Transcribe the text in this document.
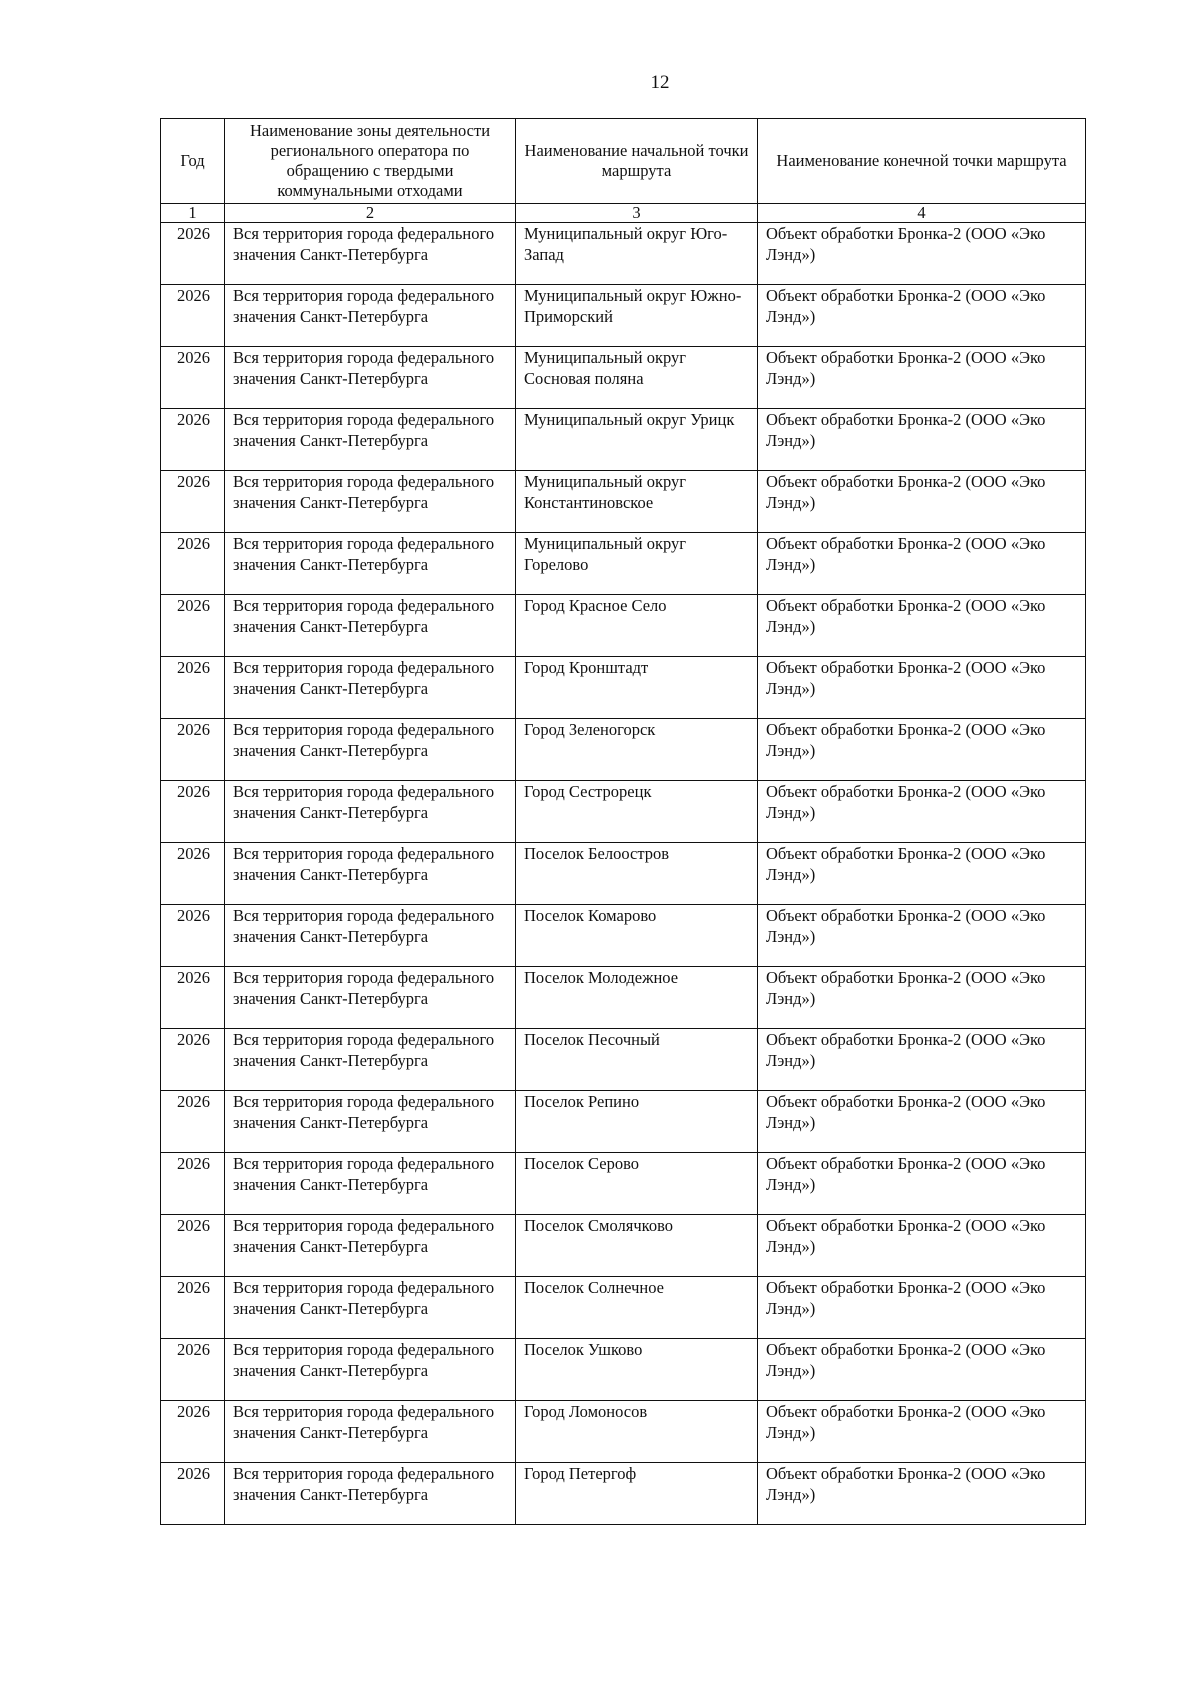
12
Год	Наименование зоны деятельности регионального оператора по обращению с твердыми коммунальными отходами	Наименование начальной точки маршрута	Наименование конечной точки маршрута
1	2	3	4
2026	Вся территория города федерального значения Санкт-Петербурга	Муниципальный округ Юго-Запад	Объект обработки Бронка-2 (ООО «Эко Лэнд»)
2026	Вся территория города федерального значения Санкт-Петербурга	Муниципальный округ Южно-Приморский	Объект обработки Бронка-2 (ООО «Эко Лэнд»)
2026	Вся территория города федерального значения Санкт-Петербурга	Муниципальный округ Сосновая поляна	Объект обработки Бронка-2 (ООО «Эко Лэнд»)
2026	Вся территория города федерального значения Санкт-Петербурга	Муниципальный округ Урицк	Объект обработки Бронка-2 (ООО «Эко Лэнд»)
2026	Вся территория города федерального значения Санкт-Петербурга	Муниципальный округ Константиновское	Объект обработки Бронка-2 (ООО «Эко Лэнд»)
2026	Вся территория города федерального значения Санкт-Петербурга	Муниципальный округ Горелово	Объект обработки Бронка-2 (ООО «Эко Лэнд»)
2026	Вся территория города федерального значения Санкт-Петербурга	Город Красное Село	Объект обработки Бронка-2 (ООО «Эко Лэнд»)
2026	Вся территория города федерального значения Санкт-Петербурга	Город Кронштадт	Объект обработки Бронка-2 (ООО «Эко Лэнд»)
2026	Вся территория города федерального значения Санкт-Петербурга	Город Зеленогорск	Объект обработки Бронка-2 (ООО «Эко Лэнд»)
2026	Вся территория города федерального значения Санкт-Петербурга	Город Сестрорецк	Объект обработки Бронка-2 (ООО «Эко Лэнд»)
2026	Вся территория города федерального значения Санкт-Петербурга	Поселок Белоостров	Объект обработки Бронка-2 (ООО «Эко Лэнд»)
2026	Вся территория города федерального значения Санкт-Петербурга	Поселок Комарово	Объект обработки Бронка-2 (ООО «Эко Лэнд»)
2026	Вся территория города федерального значения Санкт-Петербурга	Поселок Молодежное	Объект обработки Бронка-2 (ООО «Эко Лэнд»)
2026	Вся территория города федерального значения Санкт-Петербурга	Поселок Песочный	Объект обработки Бронка-2 (ООО «Эко Лэнд»)
2026	Вся территория города федерального значения Санкт-Петербурга	Поселок Репино	Объект обработки Бронка-2 (ООО «Эко Лэнд»)
2026	Вся территория города федерального значения Санкт-Петербурга	Поселок Серово	Объект обработки Бронка-2 (ООО «Эко Лэнд»)
2026	Вся территория города федерального значения Санкт-Петербурга	Поселок Смолячково	Объект обработки Бронка-2 (ООО «Эко Лэнд»)
2026	Вся территория города федерального значения Санкт-Петербурга	Поселок Солнечное	Объект обработки Бронка-2 (ООО «Эко Лэнд»)
2026	Вся территория города федерального значения Санкт-Петербурга	Поселок Ушково	Объект обработки Бронка-2 (ООО «Эко Лэнд»)
2026	Вся территория города федерального значения Санкт-Петербурга	Город Ломоносов	Объект обработки Бронка-2 (ООО «Эко Лэнд»)
2026	Вся территория города федерального значения Санкт-Петербурга	Город Петергоф	Объект обработки Бронка-2 (ООО «Эко Лэнд»)
